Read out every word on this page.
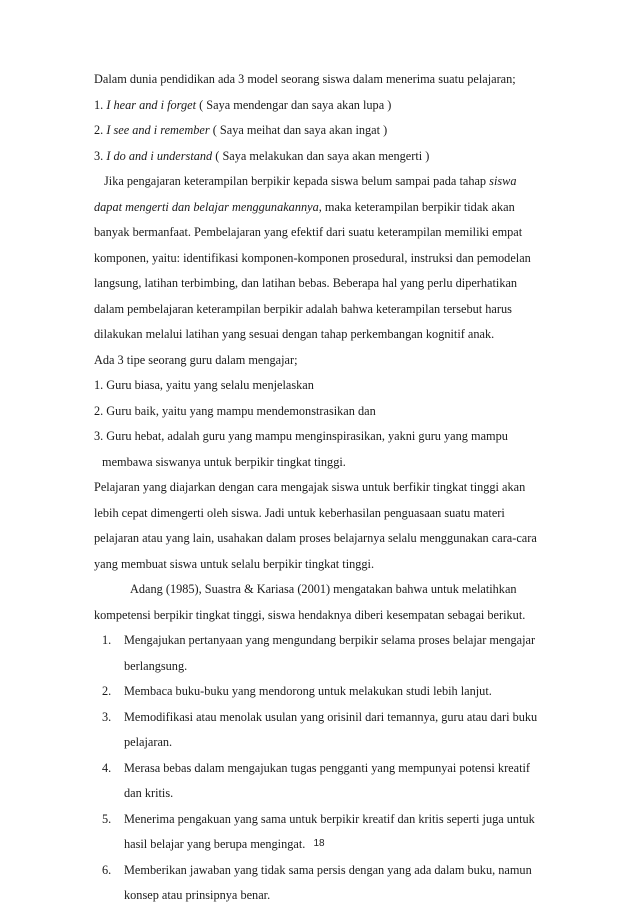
Dalam dunia pendidikan ada 3 model seorang siswa dalam menerima suatu pelajaran;
1. I hear and i forget ( Saya mendengar dan saya akan lupa )
2. I see and i remember ( Saya meihat dan saya akan ingat )
3. I do and i understand ( Saya melakukan dan saya akan mengerti )
Jika pengajaran keterampilan berpikir kepada siswa belum sampai pada tahap siswa
dapat mengerti dan belajar menggunakannya, maka keterampilan berpikir tidak akan
banyak bermanfaat. Pembelajaran yang efektif dari suatu keterampilan memiliki empat
komponen, yaitu: identifikasi komponen-komponen prosedural, instruksi dan pemodelan
langsung, latihan terbimbing, dan latihan bebas. Beberapa hal yang perlu diperhatikan
dalam pembelajaran keterampilan berpikir adalah bahwa keterampilan tersebut harus
dilakukan melalui latihan yang sesuai dengan tahap perkembangan kognitif anak.
Ada 3 tipe seorang guru dalam mengajar;
1. Guru biasa, yaitu yang selalu menjelaskan
2. Guru baik, yaitu yang mampu mendemonstrasikan dan
3. Guru hebat, adalah guru yang mampu menginspirasikan, yakni guru yang mampu
membawa siswanya untuk berpikir tingkat tinggi.
Pelajaran yang diajarkan dengan cara mengajak siswa untuk berfikir tingkat tinggi akan
lebih cepat dimengerti oleh siswa. Jadi untuk keberhasilan penguasaan suatu materi
pelajaran atau yang lain, usahakan dalam proses belajarnya selalu menggunakan cara-cara
yang membuat siswa untuk selalu berpikir tingkat tinggi.
Adang (1985), Suastra & Kariasa (2001) mengatakan bahwa untuk melatihkan
kompetensi berpikir tingkat tinggi, siswa hendaknya diberi kesempatan sebagai berikut.
1. Mengajukan pertanyaan yang mengundang berpikir selama proses belajar mengajar
berlangsung.
2. Membaca buku-buku yang mendorong untuk melakukan studi lebih lanjut.
3. Memodifikasi atau menolak usulan yang orisinil dari temannya, guru atau dari buku
pelajaran.
4. Merasa bebas dalam mengajukan tugas pengganti yang mempunyai potensi kreatif
dan kritis.
5. Menerima pengakuan yang sama untuk berpikir kreatif dan kritis seperti juga untuk
hasil belajar yang berupa mengingat.
6. Memberikan jawaban yang tidak sama persis dengan yang ada dalam buku, namun
konsep atau prinsipnya benar.
18
